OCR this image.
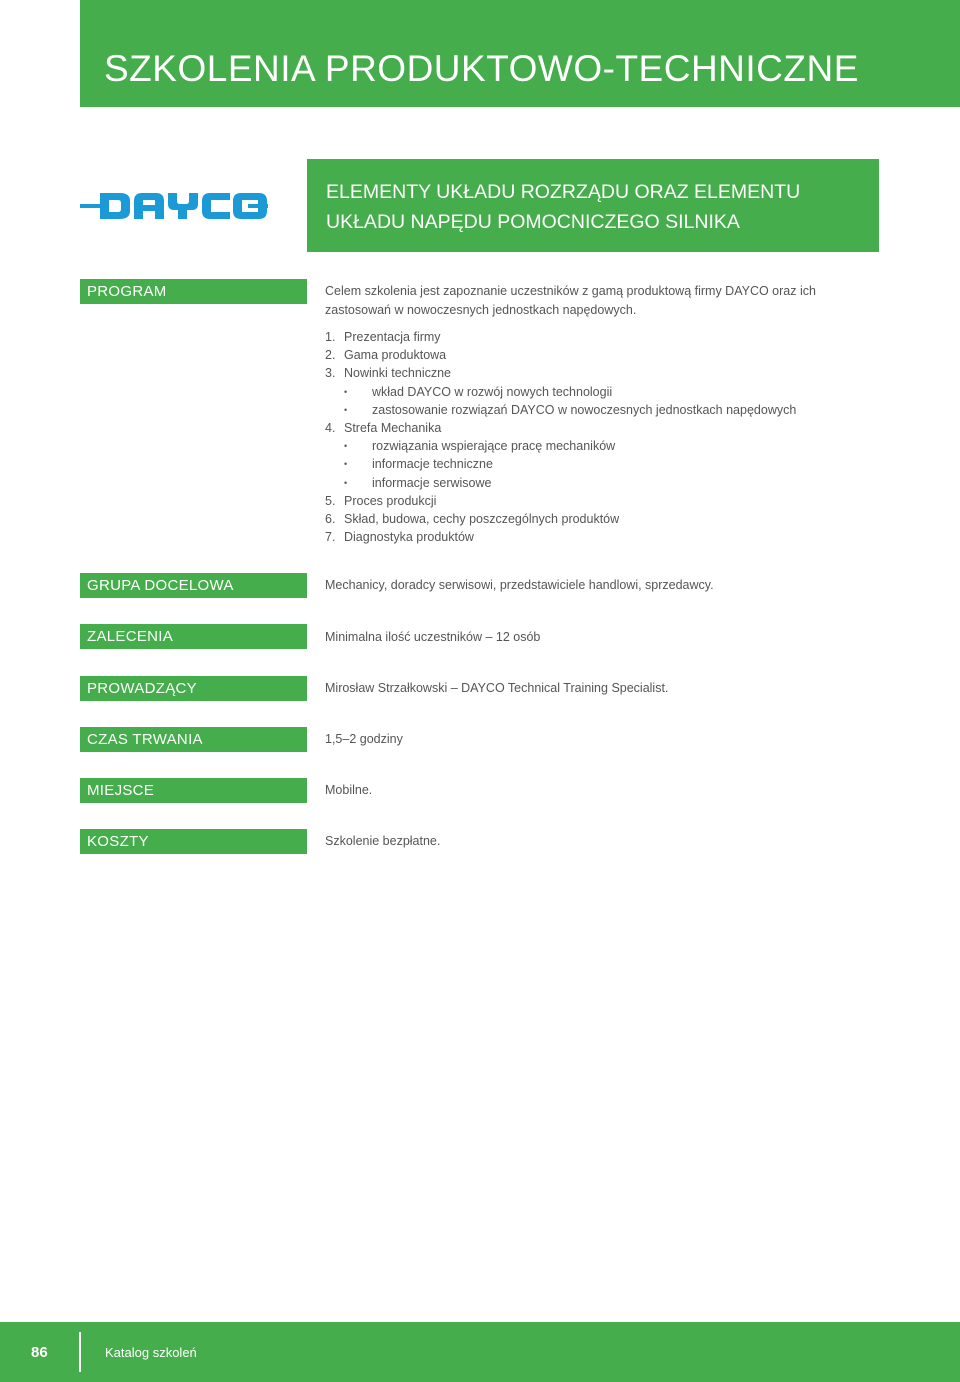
SZKOLENIA PRODUKTOWO-TECHNICZNE
ELEMENTY UKŁADU ROZRZĄDU ORAZ ELEMENTU
UKŁADU NAPĘDU POMOCNICZEGO SILNIKA
PROGRAM	Celem szkolenia jest zapoznanie uczestników z gamą produktową firmy DAYCO oraz ich zastosowań w nowoczesnych jednostkach napędowych.

1. Prezentacja firmy
2. Gama produktowa
3. Nowinki techniczne
• wkład DAYCO w rozwój nowych technologii
• zastosowanie rozwiązań DAYCO w nowoczesnych jednostkach napędowych
4. Strefa Mechanika
• rozwiązania wspierające pracę mechaników
• informacje techniczne
• informacje serwisowe
5. Proces produkcji
6. Skład, budowa, cechy poszczególnych produktów
7. Diagnostyka produktów
GRUPA DOCELOWA	Mechanicy, doradcy serwisowi, przedstawiciele handlowi, sprzedawcy.
ZALECENIA	Minimalna ilość uczestników – 12 osób
PROWADZĄCY	Mirosław Strzałkowski – DAYCO Technical Training Specialist.
CZAS TRWANIA	1,5–2 godziny
MIEJSCE	Mobilne.
KOSZTY	Szkolenie bezpłatne.
86	Katalog szkoleń
